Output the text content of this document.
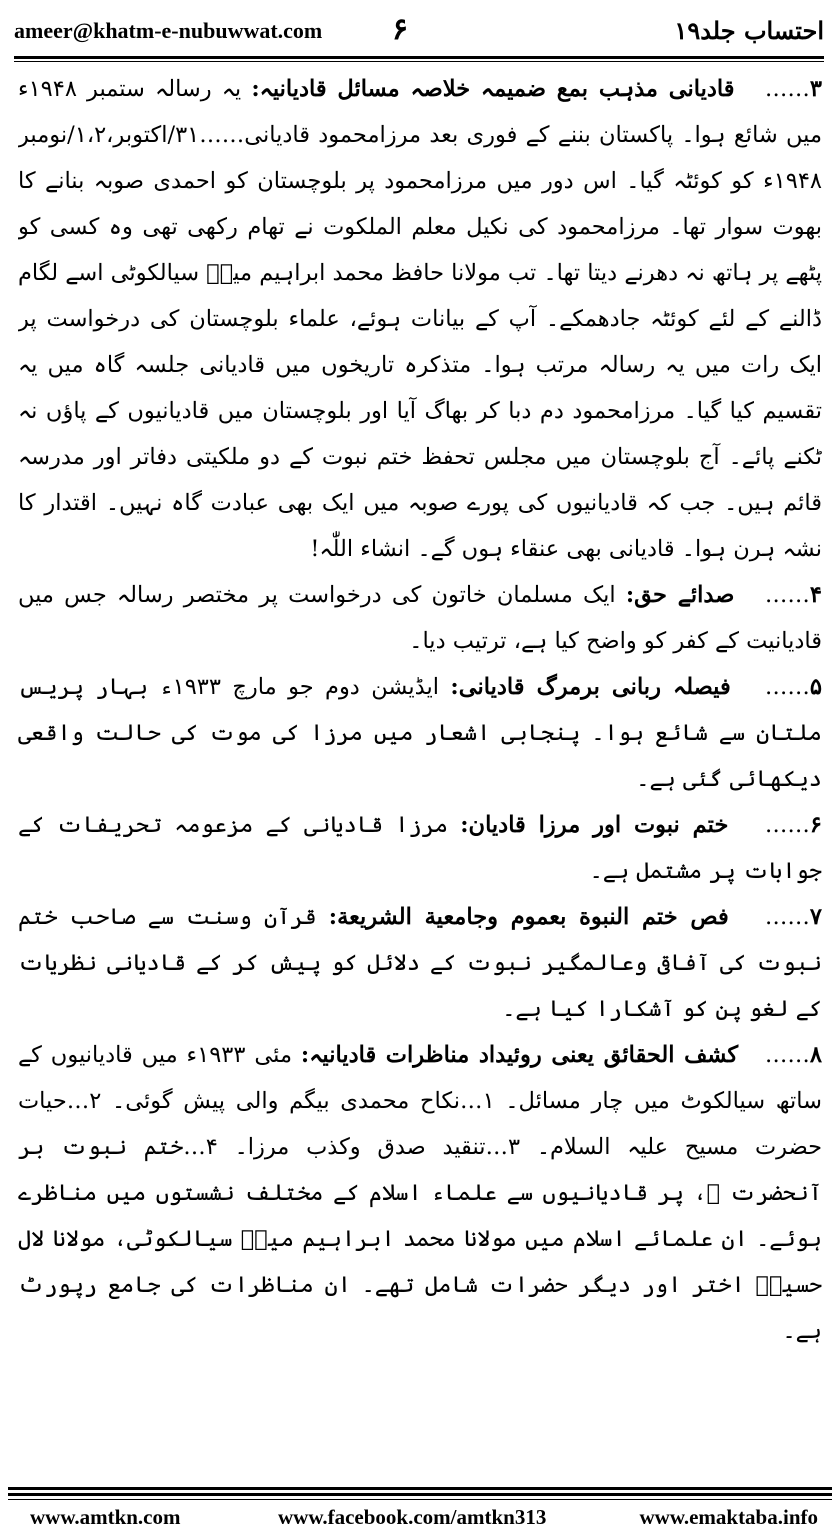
ameer@khatm-e-nubuwwat.com ۶	احتساب جلد۱۹

۳……   قادیانی مذہب بمع ضمیمہ خلاصہ مسائل قادیانیہ: یہ رسالہ ستمبر ۱۹۴۸ء میں شائع ہوا۔ پاکستان بننے کے فوری بعد مرزامحمود قادیانی……۳۱/اکتوبر،۱،۲/نومبر ۱۹۴۸ء کو کوئٹہ گیا۔ اس دور میں مرزامحمود پر بلوچستان کو احمدی صوبہ بنانے کا بھوت سوار تھا۔ مرزامحمود کی نکیل معلم الملکوت نے تھام رکھی تھی وہ کسی کو پٹھے پر ہاتھ نہ دھرنے دیتا تھا۔ تب مولانا حافظ محمد ابراہیم میرؒ سیالکوٹی اسے لگام ڈالنے کے لئے کوئٹہ جادھمکے۔ آپ کے بیانات ہوئے، علماء بلوچستان کی درخواست پر ایک رات میں یہ رسالہ مرتب ہوا۔ متذکرہ تاریخوں میں قادیانی جلسہ گاہ میں یہ تقسیم کیا گیا۔ مرزامحمود دم دبا کر بھاگ آیا اور بلوچستان میں قادیانیوں کے پاؤں نہ ٹکنے پائے۔ آج بلوچستان میں مجلس تحفظ ختم نبوت کے دو ملکیتی دفاتر اور مدرسہ قائم ہیں۔ جب کہ قادیانیوں کی پورے صوبہ میں ایک بھی عبادت گاہ نہیں۔ اقتدار کا نشہ ہرن ہوا۔ قادیانی بھی عنقاء ہوں گے۔ انشاء اللّٰہ!

۴……   صدائے حق: ایک مسلمان خاتون کی درخواست پر مختصر رسالہ جس میں قادیانیت کے کفر کو واضح کیا ہے، ترتیب دیا۔

۵……   فیصلہ ربانی برمرگ قادیانی: ایڈیشن دوم جو مارچ ۱۹۳۳ء بہار پریس ملتان سے شائع ہوا۔ پنجابی اشعار میں مرزا کی موت کی حالت واقعی دیکھائی گئی ہے۔

۶……   ختم نبوت اور مرزا قادیان: مرزا قادیانی کے مزعومہ تحریفات کے جوابات پر مشتمل ہے۔

۷……   فص ختم النبوة بعموم وجامعية الشريعة: قرآن وسنت سے صاحب ختم نبوت کی آفاقی وعالمگیر نبوت کے دلائل کو پیش کر کے قادیانی نظریات کے لغو پن کو آشکارا کیا ہے۔

۸……   کشف الحقائق یعنی روئیداد مناظرات قادیانیہ: مئی ۱۹۳۳ء میں قادیانیوں کے ساتھ سیالکوٹ میں چار مسائل۔ ۱…نکاح محمدی بیگم والی پیش گوئی۔ ۲…حیات حضرت مسیح علیہ السلام۔ ۳…تنقید صدق وکذب مرزا۔ ۴…ختم نبوت بر آنحضرت ﷺ، پر قادیانیوں سے علماء اسلام کے مختلف نشستوں میں مناظرے ہوئے۔ ان علمائے اسلام میں مولانا محمد ابراہیم میرؒ سیالکوٹی، مولانا لال حسینؒ اختر اور دیگر حضرات شامل تھے۔ ان مناظرات کی جامع رپورٹ ہے۔

www.amtkn.com	www.facebook.com/amtkn313	www.emaktaba.info
